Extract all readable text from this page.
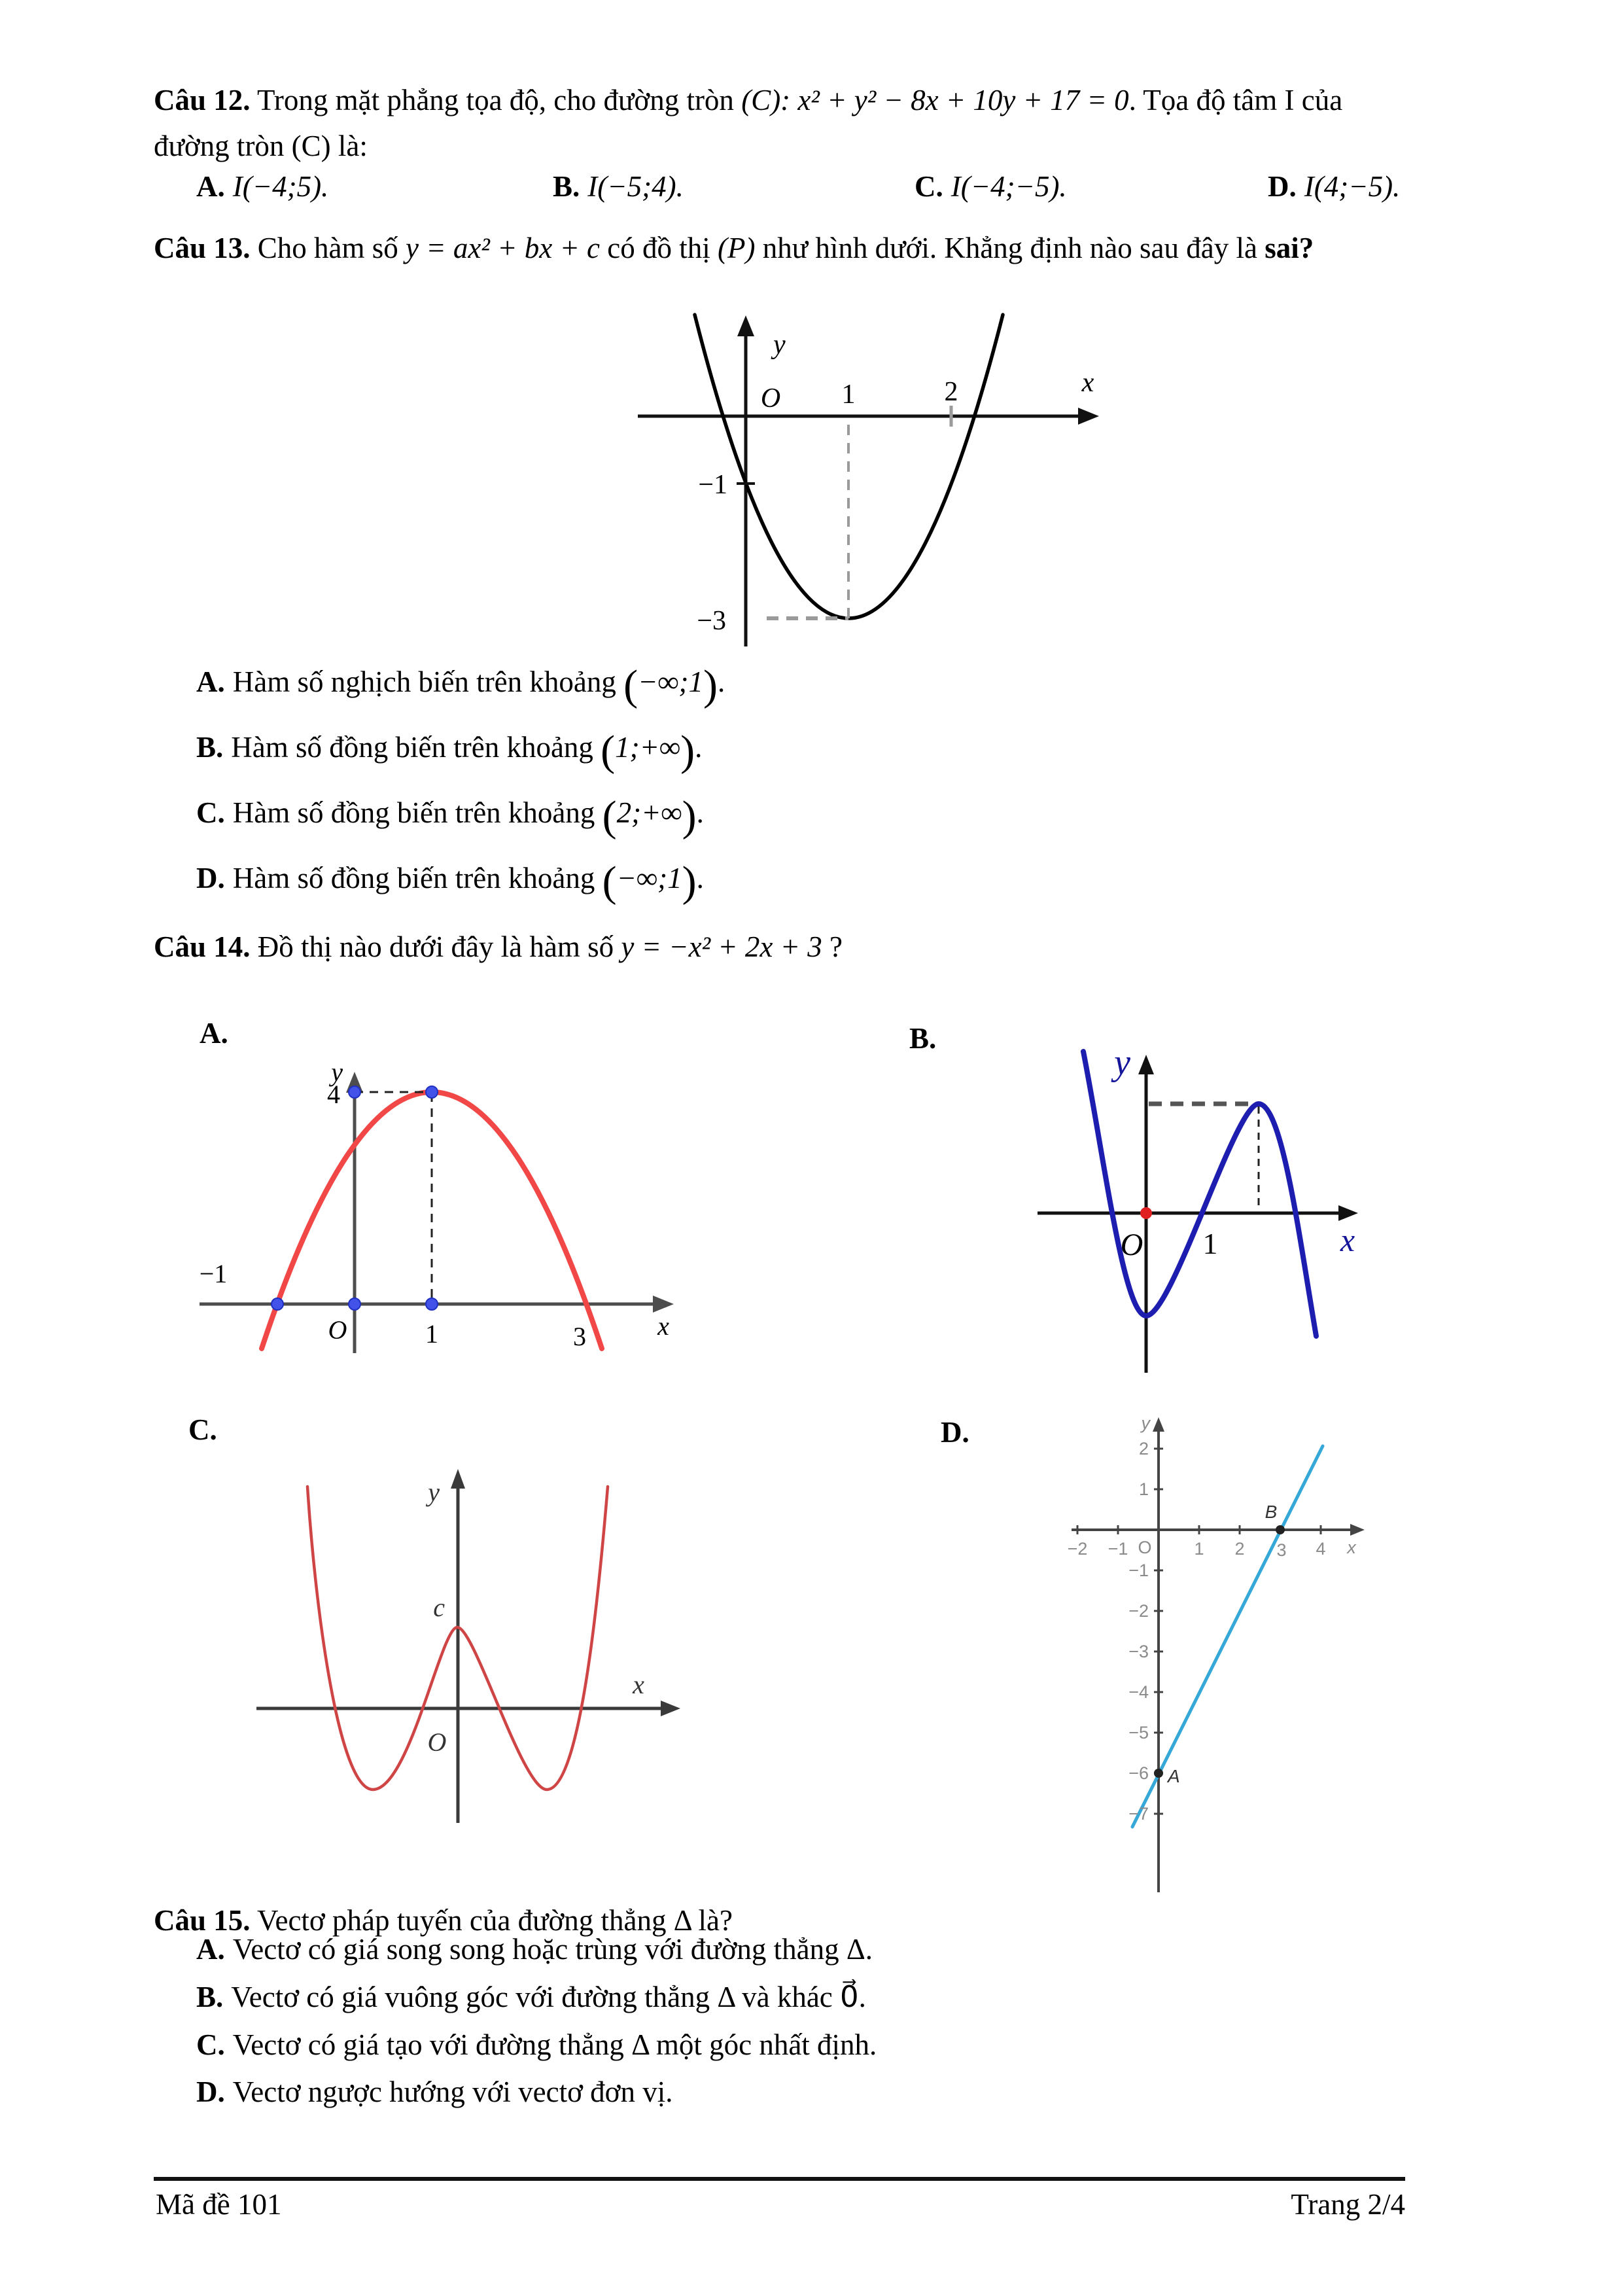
Câu 12. Trong mặt phẳng tọa độ, cho đường tròn (C): x² + y² − 8x + 10y + 17 = 0. Tọa độ tâm I của
đường tròn (C) là:
A. I(−4;5).	B. I(−5;4).	C. I(−4;−5).	D. I(4;−5).
Câu 13. Cho hàm số y = ax² + bx + c có đồ thị (P) như hình dưới. Khẳng định nào sau đây là sai?
y
O 1	2	x
−1
−3
A. Hàm số nghịch biến trên khoảng (−∞;1).
B. Hàm số đồng biến trên khoảng (1;+∞).
C. Hàm số đồng biến trên khoảng (2;+∞).
D. Hàm số đồng biến trên khoảng (−∞;1).
Câu 14. Đồ thị nào dưới đây là hàm số y = −x² + 2x + 3 ?
A.	B.
C.	D.
y
4
−1
O	1	3	x
y
O 1	x
y
c
O
x
−2 −1	1 2 3 4
2
1
−1
−2
−3
−4
−5
−6
−7
O	x
y
B
A
Câu 15. Vectơ pháp tuyến của đường thẳng Δ là?
A. Vectơ có giá song song hoặc trùng với đường thẳng Δ.
B. Vectơ có giá vuông góc với đường thẳng Δ và khác 0⃗.
C. Vectơ có giá tạo với đường thẳng Δ một góc nhất định.
D. Vectơ ngược hướng với vectơ đơn vị.
Mã đề 101	Trang 2/4
